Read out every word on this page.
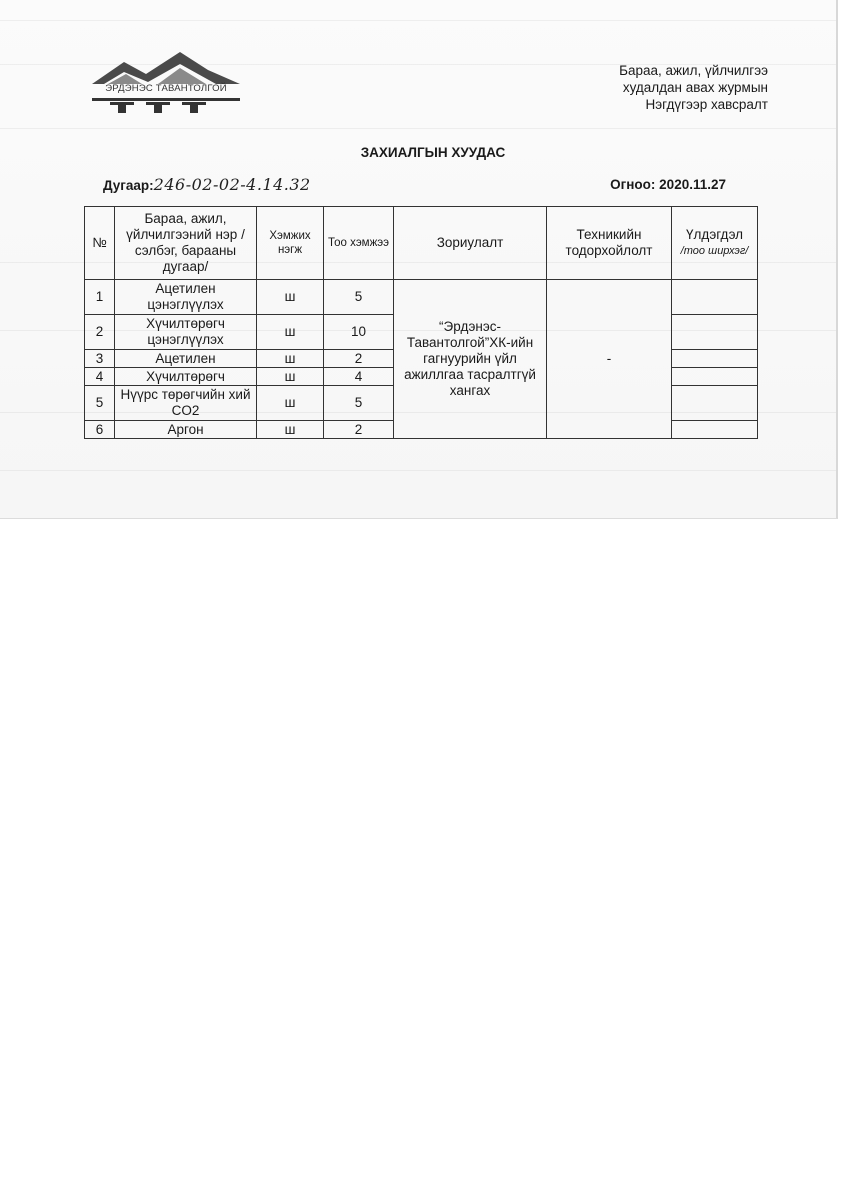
ЭРДЭНЭС ТАВАНТОЛГОЙ
Бараа, ажил, үйлчилгээ
худалдан авах журмын
Нэгдүгээр хавсралт
ЗАХИАЛГЫН ХУУДАС
Дугаар:246-02-02-4.14.32	Огноо: 2020.11.27
№	Бараа, ажил, үйлчилгээний нэр /сэлбэг, барааны дугаар/	Хэмжих нэгж	Тоо хэмжээ	Зориулалт	Техникийн тодорхойлолт	Үлдэгдэл
/тоо ширхэг/

1	Ацетилен цэнэглүүлэх	ш	5	“Эрдэнэс-Тавантолгой”ХК-ийн гагнуурийн үйл ажиллгаа тасралтгүй хангах	-	
2	Хүчилтөрөгч цэнэглүүлэх	ш	10			
3	Ацетилен	ш	2			
4	Хүчилтөрөгч	ш	4			
5	Нүүрс төрөгчийн хий CO2	ш	5			
6	Аргон	ш	2			
